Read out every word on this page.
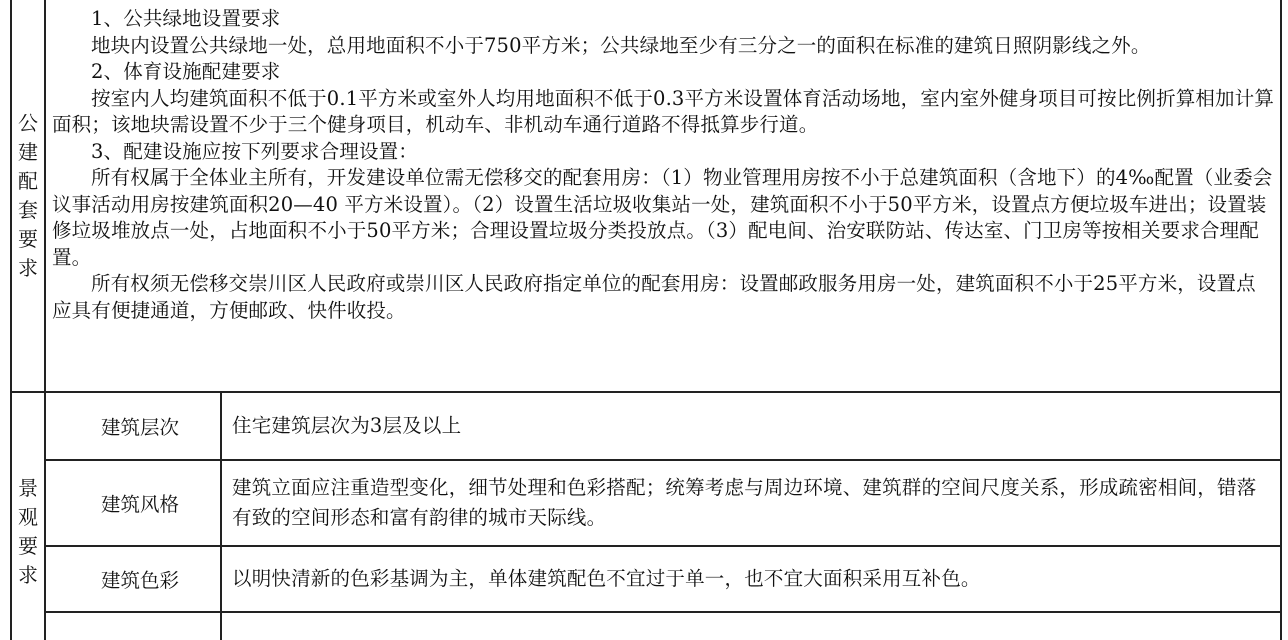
公
建
配
套
要
求

1、公共绿地设置要求

地块内设置公共绿地一处，总用地面积不小于750平方米；公共绿地至少有三分之一的面积在标准的建筑日照阴影线之外。

2、体育设施配建要求

按室内人均建筑面积不低于0.1平方米或室外人均用地面积不低于0.3平方米设置体育活动场地，室内室外健身项目可按比例折算相加计算面积；该地块需设置不少于三个健身项目，机动车、非机动车通行道路不得抵算步行道。

3、配建设施应按下列要求合理设置：

所有权属于全体业主所有，开发建设单位需无偿移交的配套用房：（1）物业管理用房按不小于总建筑面积（含地下）的4‰配置（业委会议事活动用房按建筑面积20—40 平方米设置）。（2）设置生活垃圾收集站一处，建筑面积不小于50平方米，设置点方便垃圾车进出；设置装修垃圾堆放点一处，占地面积不小于50平方米；合理设置垃圾分类投放点。（3）配电间、治安联防站、传达室、门卫房等按相关要求合理配置。

所有权须无偿移交崇川区人民政府或崇川区人民政府指定单位的配套用房：设置邮政服务用房一处，建筑面积不小于25平方米，设置点应具有便捷通道，方便邮政、快件收投。

景
观
要
求
建筑层次	住宅建筑层次为3层及以上
建筑风格
建筑立面应注重造型变化，细节处理和色彩搭配；统筹考虑与周边环境、建筑群的空间尺度关系，形成疏密相间，错落有致的空间形态和富有韵律的城市天际线。
建筑色彩	以明快清新的色彩基调为主，单体建筑配色不宜过于单一，也不宜大面积采用互补色。
